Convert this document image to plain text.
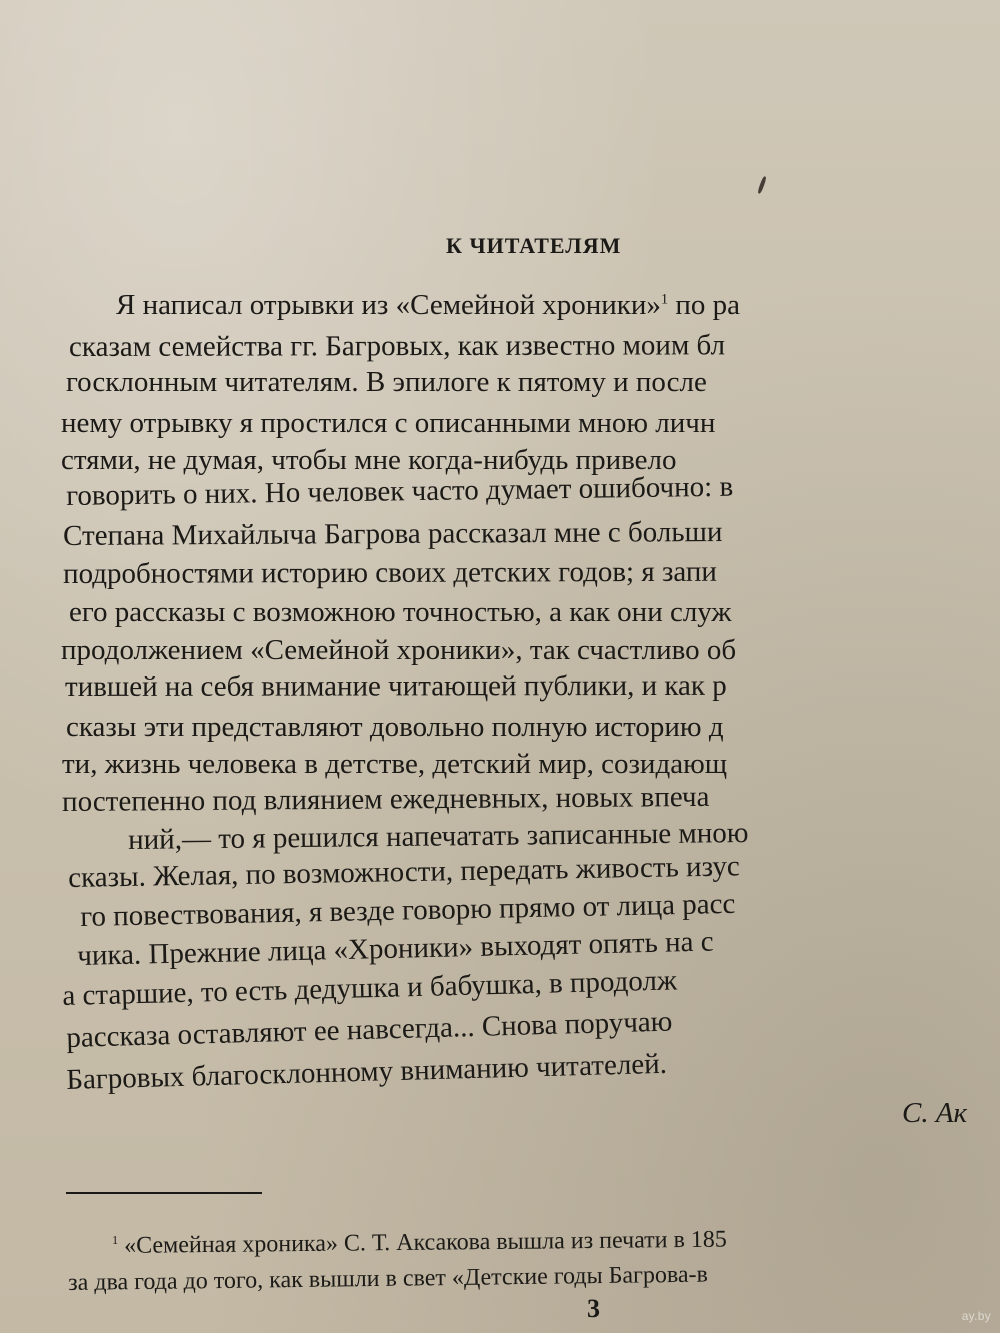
К ЧИТАТЕЛЯМ
Я написал отрывки из «Семейной хроники»$^1$ по ра
сказам семейства гг. Багровых, как известно моим бл
госклонным читателям. В эпилоге к пятому и после
нему отрывку я простился с описанными мною личн
стями, не думая, чтобы мне когда-нибудь привело
говорить о них. Но человек часто думает ошибочно: в
Степана Михайлыча Багрова рассказал мне с больши
подробностями историю своих детских годов; я запи
его рассказы с возможною точностью, а как они служ
продолжением «Семейной хроники», так счастливо об
тившей на себя внимание читающей публики, и как р
сказы эти представляют довольно полную историю д
ти, жизнь человека в детстве, детский мир, созидающ
постепенно под влиянием ежедневных, новых впеча
ний,— то я решился напечатать записанные мною
сказы. Желая, по возможности, передать живость изус
го повествования, я везде говорю прямо от лица расс
чика. Прежние лица «Хроники» выходят опять на с
а старшие, то есть дедушка и бабушка, в продолж
рассказа оставляют ее навсегда... Снова поручаю
Багровых благосклонному вниманию читателей.
С. Ак
$^1$ «Семейная хроника» С. Т. Аксакова вышла из печати в 185
за два года до того, как вышли в свет «Детские годы Багрова-в
3	ay.by
